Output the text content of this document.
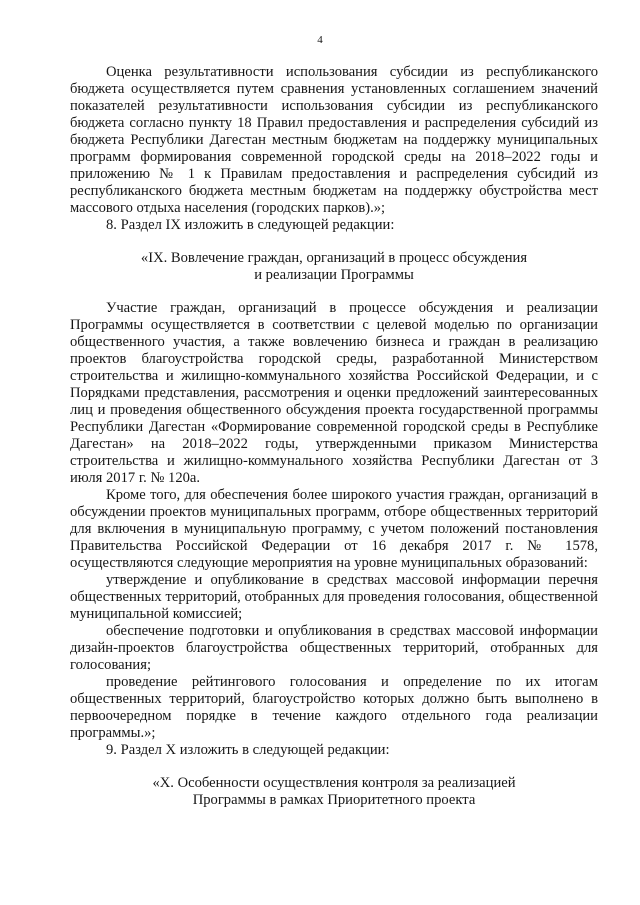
4

Оценка результативности использования субсидии из республиканского бюджета осуществляется путем сравнения установленных соглашением значений показателей результативности использования субсидии из республиканского бюджета согласно пункту 18 Правил предоставления и распределения субсидий из бюджета Республики Дагестан местным бюджетам на поддержку муниципальных программ формирования современной городской среды на 2018–2022 годы и приложению № 1 к Правилам предоставления и распределения субсидий из республиканского бюджета местным бюджетам на поддержку обустройства мест массового отдыха населения (городских парков).»;

8. Раздел IX изложить в следующей редакции:

«IX. Вовлечение граждан, организаций в процесс обсуждения
и реализации Программы

Участие граждан, организаций в процессе обсуждения и реализации Программы осуществляется в соответствии с целевой моделью по организации общественного участия, а также вовлечению бизнеса и граждан в реализацию проектов благоустройства городской среды, разработанной Министерством строительства и жилищно-коммунального хозяйства Российской Федерации, и с Порядками представления, рассмотрения и оценки предложений заинтересованных лиц и проведения общественного обсуждения проекта государственной программы Республики Дагестан «Формирование современной городской среды в Республике Дагестан» на 2018–2022 годы, утвержденными приказом Министерства строительства и жилищно-коммунального хозяйства Республики Дагестан от 3 июля 2017 г. № 120а.

Кроме того, для обеспечения более широкого участия граждан, организаций в обсуждении проектов муниципальных программ, отборе общественных территорий для включения в муниципальную программу, с учетом положений постановления Правительства Российской Федерации от 16 декабря 2017 г. № 1578, осуществляются следующие мероприятия на уровне муниципальных образований:

утверждение и опубликование в средствах массовой информации перечня общественных территорий, отобранных для проведения голосования, общественной муниципальной комиссией;

обеспечение подготовки и опубликования в средствах массовой информации дизайн-проектов благоустройства общественных территорий, отобранных для голосования;

проведение рейтингового голосования и определение по их итогам общественных территорий, благоустройство которых должно быть выполнено в первоочередном порядке в течение каждого отдельного года реализации программы.»;

9. Раздел X изложить в следующей редакции:

«X. Особенности осуществления контроля за реализацией
Программы в рамках Приоритетного проекта
